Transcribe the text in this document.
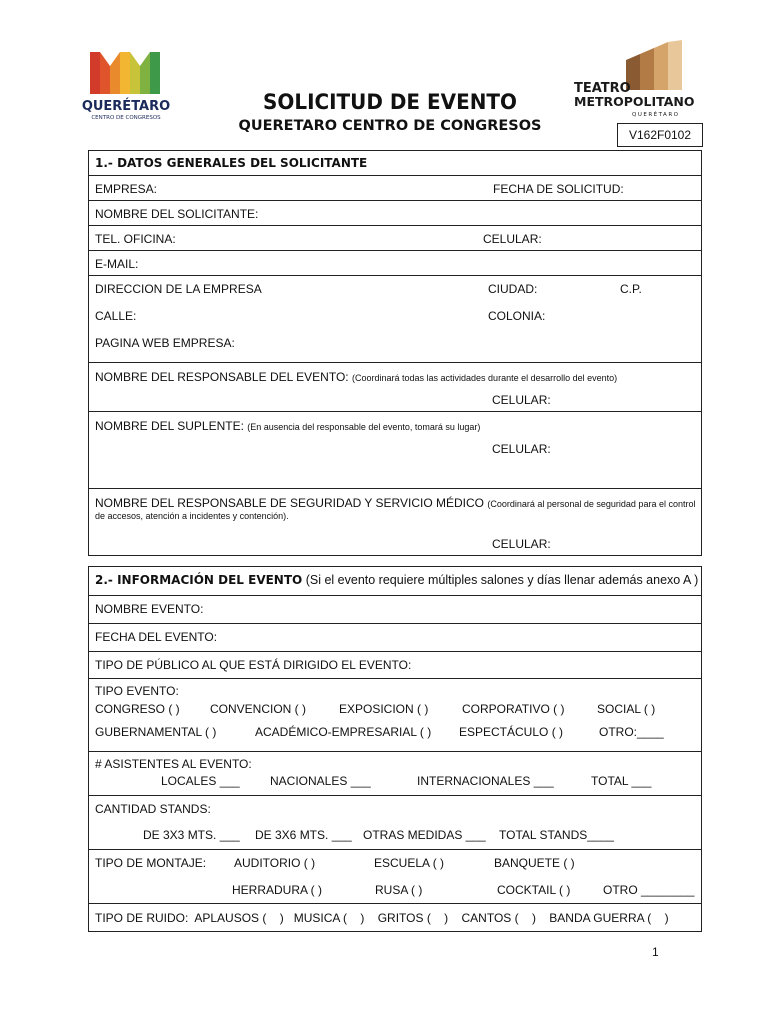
QUERÉTARO
CENTRO DE CONGRESOS
TEATRO
METROPOLITANO
QUERÉTARO
SOLICITUD DE EVENTO
QUERETARO CENTRO DE CONGRESOS
V162F0102
1.- DATOS GENERALES DEL SOLICITANTE
EMPRESA:	FECHA DE SOLICITUD:
NOMBRE DEL SOLICITANTE:
TEL. OFICINA:	CELULAR:
E-MAIL:
DIRECCION DE LA EMPRESA	CIUDAD:	C.P.
CALLE:	COLONIA:
PAGINA WEB EMPRESA:
NOMBRE DEL RESPONSABLE DEL EVENTO: (Coordinará todas las actividades durante el desarrollo del evento)
CELULAR:
NOMBRE DEL SUPLENTE: (En ausencia del responsable del evento, tomará su lugar)
CELULAR:
NOMBRE DEL RESPONSABLE DE SEGURIDAD Y SERVICIO MÉDICO (Coordinará al personal de seguridad para el control
de accesos, atención a incidentes y contención).
CELULAR:
2.- INFORMACIÓN DEL EVENTO (Si el evento requiere múltiples salones y días llenar además anexo A )
NOMBRE EVENTO:
FECHA DEL EVENTO:
TIPO DE PÚBLICO AL QUE ESTÁ DIRIGIDO EL EVENTO:
TIPO EVENTO:
CONGRESO ( )	CONVENCION ( )	EXPOSICION ( )	CORPORATIVO ( )	SOCIAL ( )
GUBERNAMENTAL ( )	ACADÉMICO-EMPRESARIAL ( ) ESPECTÁCULO ( )	OTRO:____
# ASISTENTES AL EVENTO:
LOCALES ___	NACIONALES ___	INTERNACIONALES ___	TOTAL ___
CANTIDAD STANDS:
DE 3X3 MTS. ___ DE 3X6 MTS. ___ OTRAS MEDIDAS ___ TOTAL STANDS____
TIPO DE MONTAJE: AUDITORIO ( )	ESCUELA ( )	BANQUETE ( )
HERRADURA ( )	RUSA ( )	COCKTAIL ( )	OTRO ________
TIPO DE RUIDO:  APLAUSOS (    )   MUSICA (    )    GRITOS (    )    CANTOS (    )    BANDA GUERRA (    )
1
